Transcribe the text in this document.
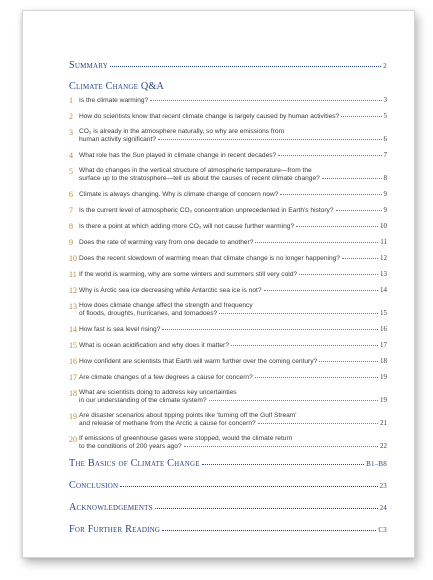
Summary	2
Climate Change Q&A
1 Is the climate warming?	3
2 How do scientists know that recent climate change is largely caused by human activities?	5
3 CO₂ is already in the atmosphere naturally, so why are emissions from
human activity significant?	6
4 What role has the Sun played in climate change in recent decades?	7
5 What do changes in the vertical structure of atmospheric temperature—from the
surface up to the stratosphere—tell us about the causes of recent climate change?	8
6 Climate is always changing. Why is climate change of concern now?	9
7 Is the current level of atmospheric CO₂ concentration unprecedented in Earth's history?	9
8 Is there a point at which adding more CO₂ will not cause further warming?	10
9 Does the rate of warming vary from one decade to another?	11
10 Does the recent slowdown of warming mean that climate change is no longer happening?	12
11 If the world is warming, why are some winters and summers still very cold?	13
12 Why is Arctic sea ice decreasing while Antarctic sea ice is not?	14
13 How does climate change affect the strength and frequency
of floods, droughts, hurricanes, and tornadoes?	15
14 How fast is sea level rising?	16
15 What is ocean acidification and why does it matter?	17
16 How confident are scientists that Earth will warm further over the coming century?	18
17 Are climate changes of a few degrees a cause for concern?	19
18 What are scientists doing to address key uncertainties
in our understanding of the climate system?	19
19 Are disaster scenarios about tipping points like 'turning off the Gulf Stream'
and release of methane from the Arctic a cause for concern?	21
20 If emissions of greenhouse gases were stopped, would the climate return
to the conditions of 200 years ago?	22
The Basics of Climate Change	B1–B8
Conclusion	23
Acknowledgements	24
For Further Reading	C3
